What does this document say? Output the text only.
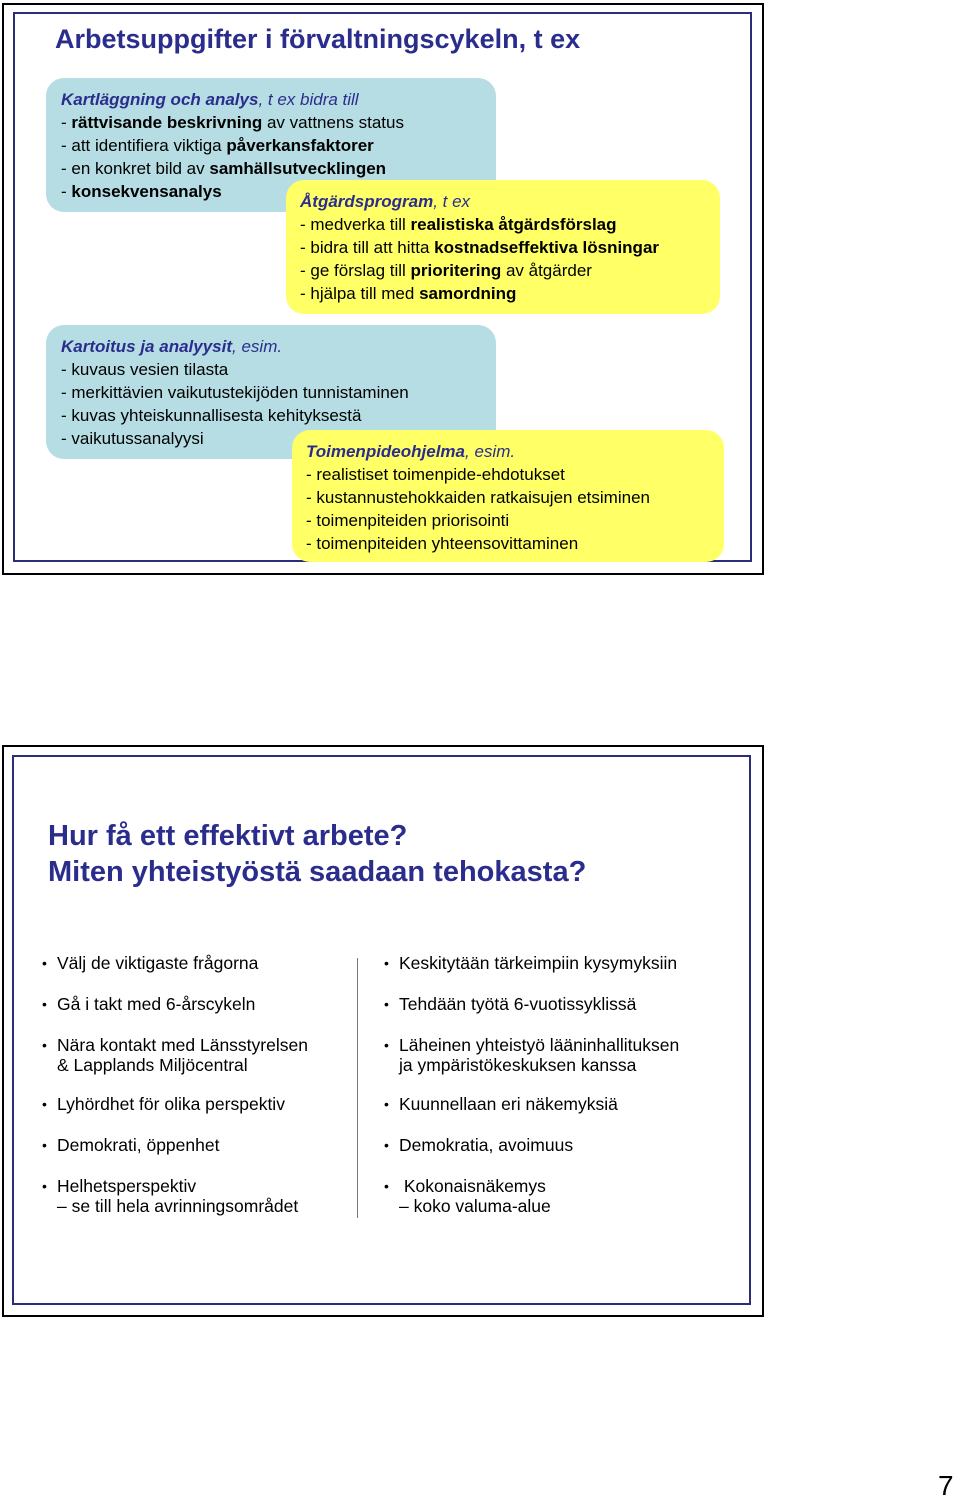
Arbetsuppgifter i förvaltningscykeln, t ex
Kartläggning och analys, t ex bidra till
- rättvisande beskrivning av vattnens status
- att identifiera viktiga påverkansfaktorer
- en konkret bild av samhällsutvecklingen
- konsekvensanalys
Åtgärdsprogram, t ex
- medverka till realistiska åtgärdsförslag
- bidra till att hitta kostnadseffektiva lösningar
- ge förslag till prioritering av åtgärder
- hjälpa till med samordning
Kartoitus ja analyysit, esim.
- kuvaus vesien tilasta
- merkittävien vaikutustekijöden tunnistaminen
- kuvas yhteiskunnallisesta kehityksestä
- vaikutussanalyysi
Toimenpideohjelma, esim.
- realistiset toimenpide-ehdotukset
- kustannustehokkaiden ratkaisujen etsiminen
- toimenpiteiden priorisointi
- toimenpiteiden yhteensovittaminen
Hur få ett effektivt arbete?
Miten yhteistyöstä saadaan tehokasta?
• Välj de viktigaste frågorna
• Gå i takt med 6-årscykeln
• Nära kontakt med Länsstyrelsen
& Lapplands Miljöcentral
• Lyhördhet för olika perspektiv
• Demokrati, öppenhet
• Helhetsperspektiv
– se till hela avrinningsområdet
• Keskitytään tärkeimpiin kysymyksiin
• Tehdään työtä 6-vuotissyklissä
• Läheinen yhteistyö lääninhallituksen
ja ympäristökeskuksen kanssa
• Kuunnellaan eri näkemyksiä
• Demokratia, avoimuus
• Kokonaisnäkemys
– koko valuma-alue
7
